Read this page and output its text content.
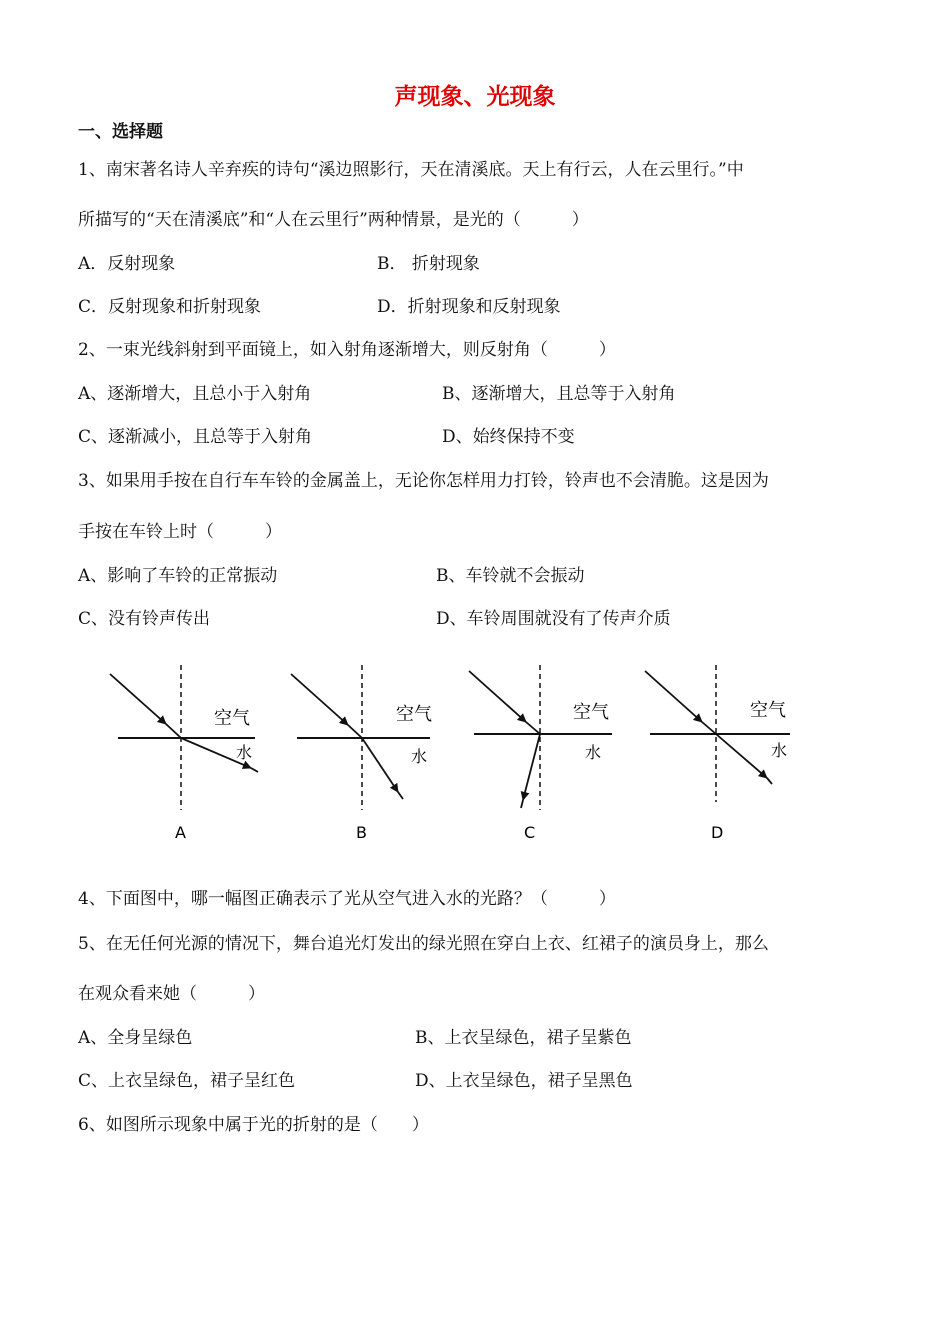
声现象、光现象
一、选择题
1、南宋著名诗人辛弃疾的诗句“溪边照影行，天在清溪底。天上有行云，人在云里行。”中
所描写的“天在清溪底”和“人在云里行”两种情景，是光的（　　　）
A．反射现象	B． 折射现象
C．反射现象和折射现象	D．折射现象和反射现象
2、一束光线斜射到平面镜上，如入射角逐渐增大，则反射角（　　　）
A、逐渐增大，且总小于入射角	B、逐渐增大，且总等于入射角
C、逐渐减小，且总等于入射角	D、始终保持不变
3、如果用手按在自行车车铃的金属盖上，无论你怎样用力打铃，铃声也不会清脆。这是因为
手按在车铃上时（　　　）
A、影响了车铃的正常振动	B、车铃就不会振动
C、没有铃声传出	D、车铃周围就没有了传声介质
空气
水
A
空气
水
B
空气
水
C
空气
水
D
4、下面图中，哪一幅图正确表示了光从空气进入水的光路？（　　　）
5、在无任何光源的情况下，舞台追光灯发出的绿光照在穿白上衣、红裙子的演员身上，那么
在观众看来她（　　　）
A、全身呈绿色	B、上衣呈绿色，裙子呈紫色
C、上衣呈绿色，裙子呈红色	D、上衣呈绿色，裙子呈黑色
6、如图所示现象中属于光的折射的是（　　）
